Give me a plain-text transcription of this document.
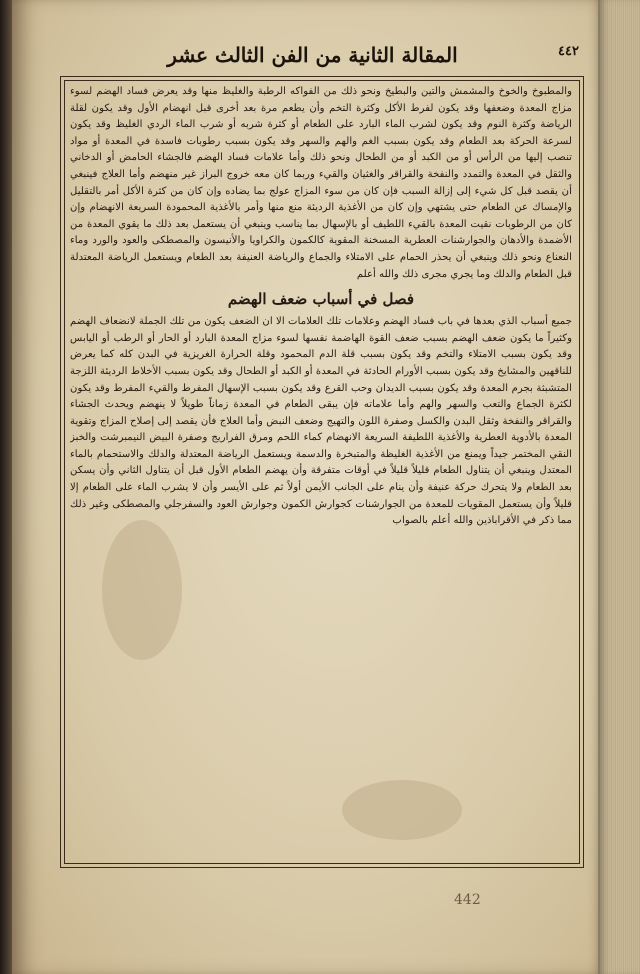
المقالة الثانية من الفن الثالث عشر	٤٤٢

والمطبوخ والخوخ والمشمش والتين والبطيخ ونحو ذلك من الفواكه الرطبة والغليظ منها وقد يعرض فساد الهضم لسوء مزاج المعدة وضعفها وقد يكون لفرط الأكل وكثرة التخم وأن يطعم مرة بعد أخرى قبل انهضام الأول وقد يكون لقلة الرياضة وكثرة النوم وقد يكون لشرب الماء البارد على الطعام أو كثرة شربه أو شرب الماء الردي الغليظ وقد يكون لسرعة الحركة بعد الطعام وقد يكون بسبب الغم والهم والسهر وقد يكون بسبب رطوبات فاسدة في المعدة أو مواد تنصب إليها من الرأس أو من الكبد أو من الطحال ونحو ذلك وأما علامات فساد الهضم فالجشاء الحامض أو الدخاني والثقل في المعدة والتمدد والنفخة والقراقر والغثيان والقيء وربما كان معه خروج البراز غير منهضم وأما العلاج فينبغي أن يقصد قبل كل شيء إلى إزالة السبب فإن كان من سوء المزاج عولج بما يضاده وإن كان من كثرة الأكل أمر بالتقليل والإمساك عن الطعام حتى يشتهي وإن كان من الأغذية الرديئة منع منها وأمر بالأغذية المحمودة السريعة الانهضام وإن كان من الرطوبات نقيت المعدة بالقيء اللطيف أو بالإسهال بما يناسب وينبغي أن يستعمل بعد ذلك ما يقوي المعدة من الأضمدة والأدهان والجوارشنات العطرية المسخنة المقوية كالكمون والكراويا والأنيسون والمصطكى والعود والورد وماء النعناع ونحو ذلك وينبغي أن يحذر الحمام على الامتلاء والجماع والرياضة العنيفة بعد الطعام ويستعمل الرياضة المعتدلة قبل الطعام والدلك وما يجري مجرى ذلك والله أعلم

فصل في أسباب ضعف الهضم

جميع أسباب الذي بعدها في باب فساد الهضم وعلامات تلك العلامات الا ان الضعف يكون من تلك الجملة لانضعاف الهضم وكثيراً ما يكون ضعف الهضم بسبب ضعف القوة الهاضمة نفسها لسوء مزاج المعدة البارد أو الحار أو الرطب أو اليابس وقد يكون بسبب الامتلاء والتخم وقد يكون بسبب قلة الدم المحمود وقلة الحرارة الغريزية في البدن كله كما يعرض للناقهين والمشايخ وقد يكون بسبب الأورام الحادثة في المعدة أو الكبد أو الطحال وقد يكون بسبب الأخلاط الرديئة اللزجة المتشبثة بجرم المعدة وقد يكون بسبب الديدان وحب القرع وقد يكون بسبب الإسهال المفرط والقيء المفرط وقد يكون لكثرة الجماع والتعب والسهر والهم وأما علاماته فإن يبقى الطعام في المعدة زماناً طويلاً لا ينهضم ويحدث الجشاء والقراقر والنفخة وثقل البدن والكسل وصفرة اللون والتهيج وضعف النبض وأما العلاج فأن يقصد إلى إصلاح المزاج وتقوية المعدة بالأدوية العطرية والأغذية اللطيفة السريعة الانهضام كماء اللحم ومرق الفراريج وصفرة البيض النيمبرشت والخبز النقي المختمر جيداً ويمنع من الأغذية الغليظة والمتبخرة والدسمة ويستعمل الرياضة المعتدلة والدلك والاستحمام بالماء المعتدل وينبغي أن يتناول الطعام قليلاً قليلاً في أوقات متفرقة وأن يهضم الطعام الأول قبل أن يتناول الثاني وأن يسكن بعد الطعام ولا يتحرك حركة عنيفة وأن ينام على الجانب الأيمن أولاً ثم على الأيسر وأن لا يشرب الماء على الطعام إلا قليلاً وأن يستعمل المقويات للمعدة من الجوارشنات كجوارش الكمون وجوارش العود والسفرجلي والمصطكى وغير ذلك مما ذكر في الأقراباذين والله أعلم بالصواب

442
